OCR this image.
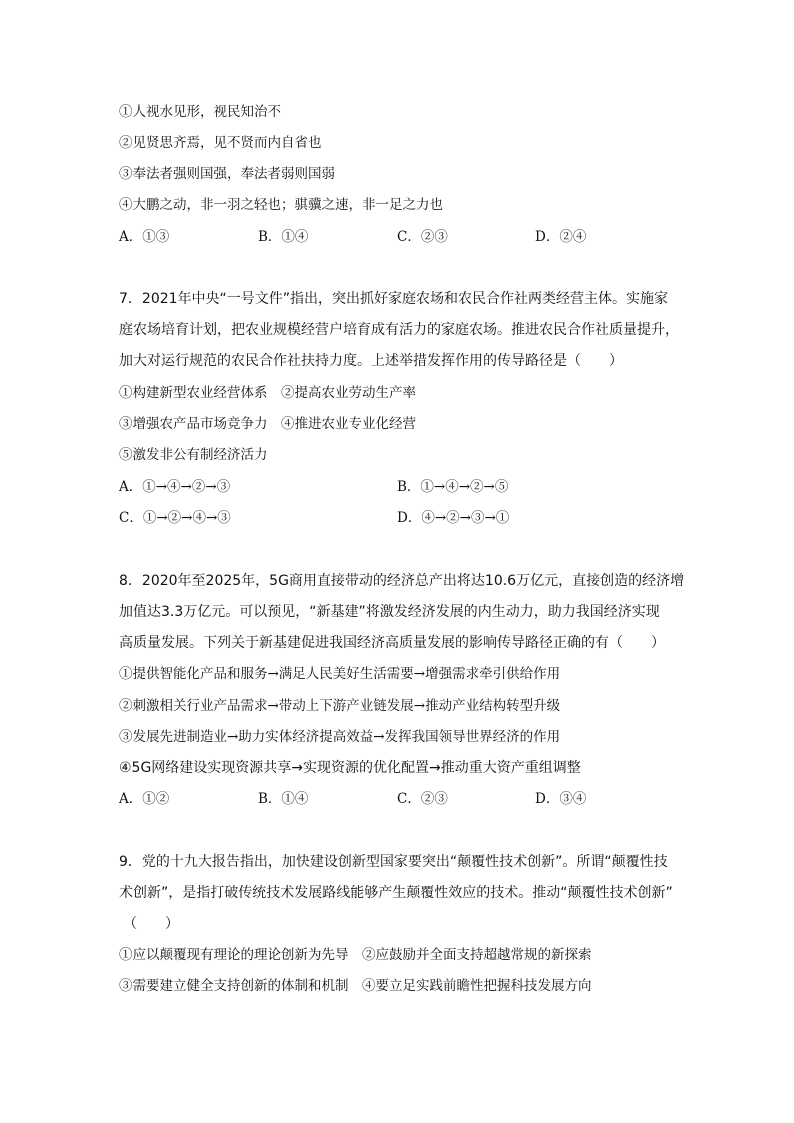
①人视水见形，视民知治不
②见贤思齐焉，见不贤而内自省也
③奉法者强则国强，奉法者弱则国弱
④大鹏之动，非一羽之轻也；骐骥之速，非一足之力也
A．①③	B．①④	C．②③	D．②④
7．2021年中央“一号文件”指出，突出抓好家庭农场和农民合作社两类经营主体。实施家
庭农场培育计划，把农业规模经营户培育成有活力的家庭农场。推进农民合作社质量提升，
加大对运行规范的农民合作社扶持力度。上述举措发挥作用的传导路径是（　　）
①构建新型农业经营体系　②提高农业劳动生产率
③增强农产品市场竞争力　④推进农业专业化经营
⑤激发非公有制经济活力
A．①→④→②→③	B．①→④→②→⑤
C．①→②→④→③	D．④→②→③→①
8．2020年至2025年，5G商用直接带动的经济总产出将达10.6万亿元，直接创造的经济增
加值达3.3万亿元。可以预见，“新基建”将激发经济发展的内生动力，助力我国经济实现
高质量发展。下列关于新基建促进我国经济高质量发展的影响传导路径正确的有（　　）
①提供智能化产品和服务→满足人民美好生活需要→增强需求牵引供给作用
②刺激相关行业产品需求→带动上下游产业链发展→推动产业结构转型升级
③发展先进制造业→助力实体经济提高效益→发挥我国领导世界经济的作用
④5G网络建设实现资源共享→实现资源的优化配置→推动重大资产重组调整
A．①②	B．①④	C．②③	D．③④
9．党的十九大报告指出，加快建设创新型国家要突出“颠覆性技术创新”。所谓“颠覆性技
术创新”，是指打破传统技术发展路线能够产生颠覆性效应的技术。推动“颠覆性技术创新”
（　　）
①应以颠覆现有理论的理论创新为先导　②应鼓励并全面支持超越常规的新探索
③需要建立健全支持创新的体制和机制　④要立足实践前瞻性把握科技发展方向
